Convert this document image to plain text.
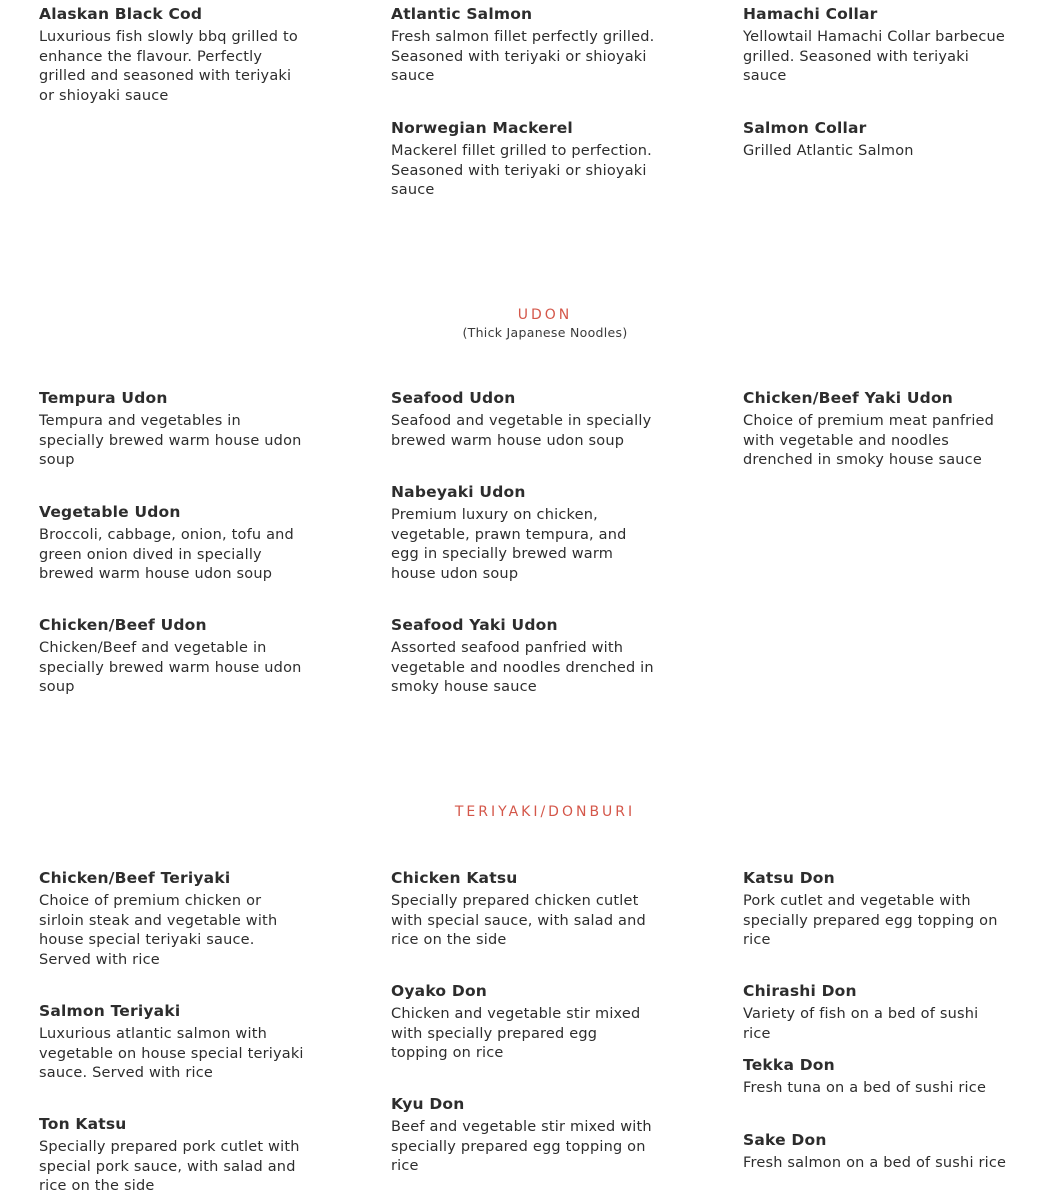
Alaskan Black Cod
Luxurious fish slowly bbq grilled to enhance the flavour. Perfectly grilled and seasoned with teriyaki or shioyaki sauce
Atlantic Salmon
Fresh salmon fillet perfectly grilled. Seasoned with teriyaki or shioyaki sauce
Norwegian Mackerel
Mackerel fillet grilled to perfection. Seasoned with teriyaki or shioyaki sauce
Hamachi Collar
Yellowtail Hamachi Collar barbecue grilled. Seasoned with teriyaki sauce
Salmon Collar
Grilled Atlantic Salmon
UDON
(Thick Japanese Noodles)
Tempura Udon
Tempura and vegetables in specially brewed warm house udon soup
Vegetable Udon
Broccoli, cabbage, onion, tofu and green onion dived in specially brewed warm house udon soup
Chicken/Beef Udon
Chicken/Beef and vegetable in specially brewed warm house udon soup
Seafood Udon
Seafood and vegetable in specially brewed warm house udon soup
Nabeyaki Udon
Premium luxury on chicken, vegetable, prawn tempura, and egg in specially brewed warm house udon soup
Seafood Yaki Udon
Assorted seafood panfried with vegetable and noodles drenched in smoky house sauce
Chicken/Beef Yaki Udon
Choice of premium meat panfried with vegetable and noodles drenched in smoky house sauce
TERIYAKI/DONBURI
Chicken/Beef Teriyaki
Choice of premium chicken or sirloin steak and vegetable with house special teriyaki sauce. Served with rice
Salmon Teriyaki
Luxurious atlantic salmon with vegetable on house special teriyaki sauce. Served with rice
Ton Katsu
Specially prepared pork cutlet with special pork sauce, with salad and rice on the side
Chicken Katsu
Specially prepared chicken cutlet with special sauce, with salad and rice on the side
Oyako Don
Chicken and vegetable stir mixed with specially prepared egg topping on rice
Kyu Don
Beef and vegetable stir mixed with specially prepared egg topping on rice
Katsu Don
Pork cutlet and vegetable with specially prepared egg topping on rice
Chirashi Don
Variety of fish on a bed of sushi rice
Tekka Don
Fresh tuna on a bed of sushi rice
Sake Don
Fresh salmon on a bed of sushi rice
